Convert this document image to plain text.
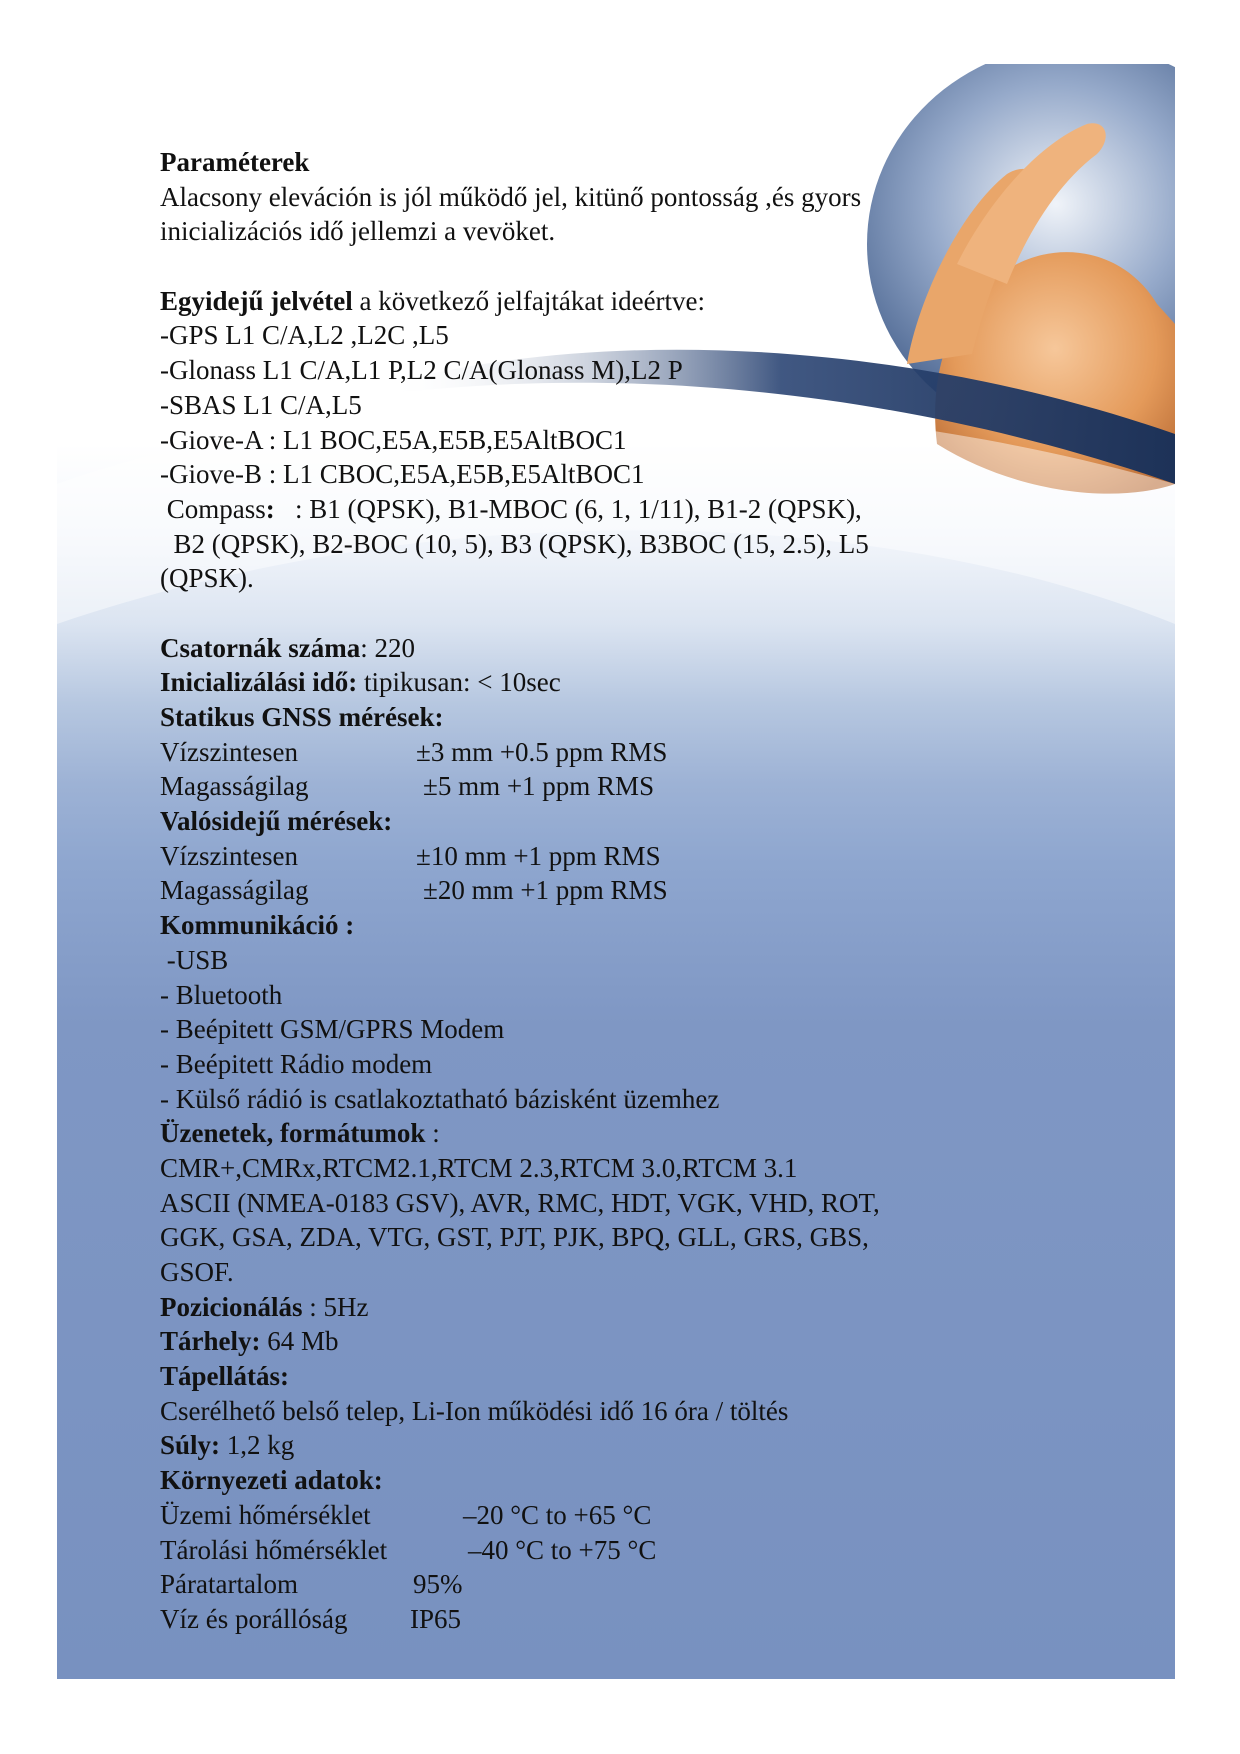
Paraméterek
Alacsony eleváción is jól működő jel, kitünő pontosság ,és gyors inicializációs idő jellemzi a vevöket.
Egyidejű jelvétel a következő jelfajtákat ideértve:
-GPS L1 C/A,L2 ,L2C ,L5
-Glonass L1 C/A,L1 P,L2 C/A(Glonass M),L2 P
-SBAS L1 C/A,L5
-Giove-A : L1 BOC,E5A,E5B,E5AltBOC1
-Giove-B : L1 CBOC,E5A,E5B,E5AltBOC1
Compass:   : B1 (QPSK), B1-MBOC (6, 1, 1/11), B1-2 (QPSK),
B2 (QPSK), B2-BOC (10, 5), B3 (QPSK), B3BOC (15, 2.5), L5
(QPSK).
Csatornák száma: 220
Inicializálási idő: tipikusan: < 10sec
Statikus GNSS mérések:
Vízszintesen	±3 mm +0.5 ppm RMS
Magasságilag	±5 mm +1 ppm RMS
Valósidejű mérések:
Vízszintesen	±10 mm +1 ppm RMS
Magasságilag	±20 mm +1 ppm RMS
Kommunikáció :
-USB
- Bluetooth
- Beépitett GSM/GPRS Modem
- Beépitett Rádio modem
- Külső rádió is csatlakoztatható bázisként üzemhez
Üzenetek, formátumok :
CMR+,CMRx,RTCM2.1,RTCM 2.3,RTCM 3.0,RTCM 3.1
ASCII (NMEA-0183 GSV), AVR, RMC, HDT, VGK, VHD, ROT,
GGK, GSA, ZDA, VTG, GST, PJT, PJK, BPQ, GLL, GRS, GBS,
GSOF.
Pozicionálás : 5Hz
Tárhely: 64 Mb
Tápellátás:
Cserélhető belső telep, Li-Ion működési idő 16 óra / töltés
Súly: 1,2 kg
Környezeti adatok:
Üzemi hőmérséklet	–20 °C to +65 °C
Tárolási hőmérséklet	–40 °C to +75 °C
Páratartalom	95%
Víz és porállóság IP65
